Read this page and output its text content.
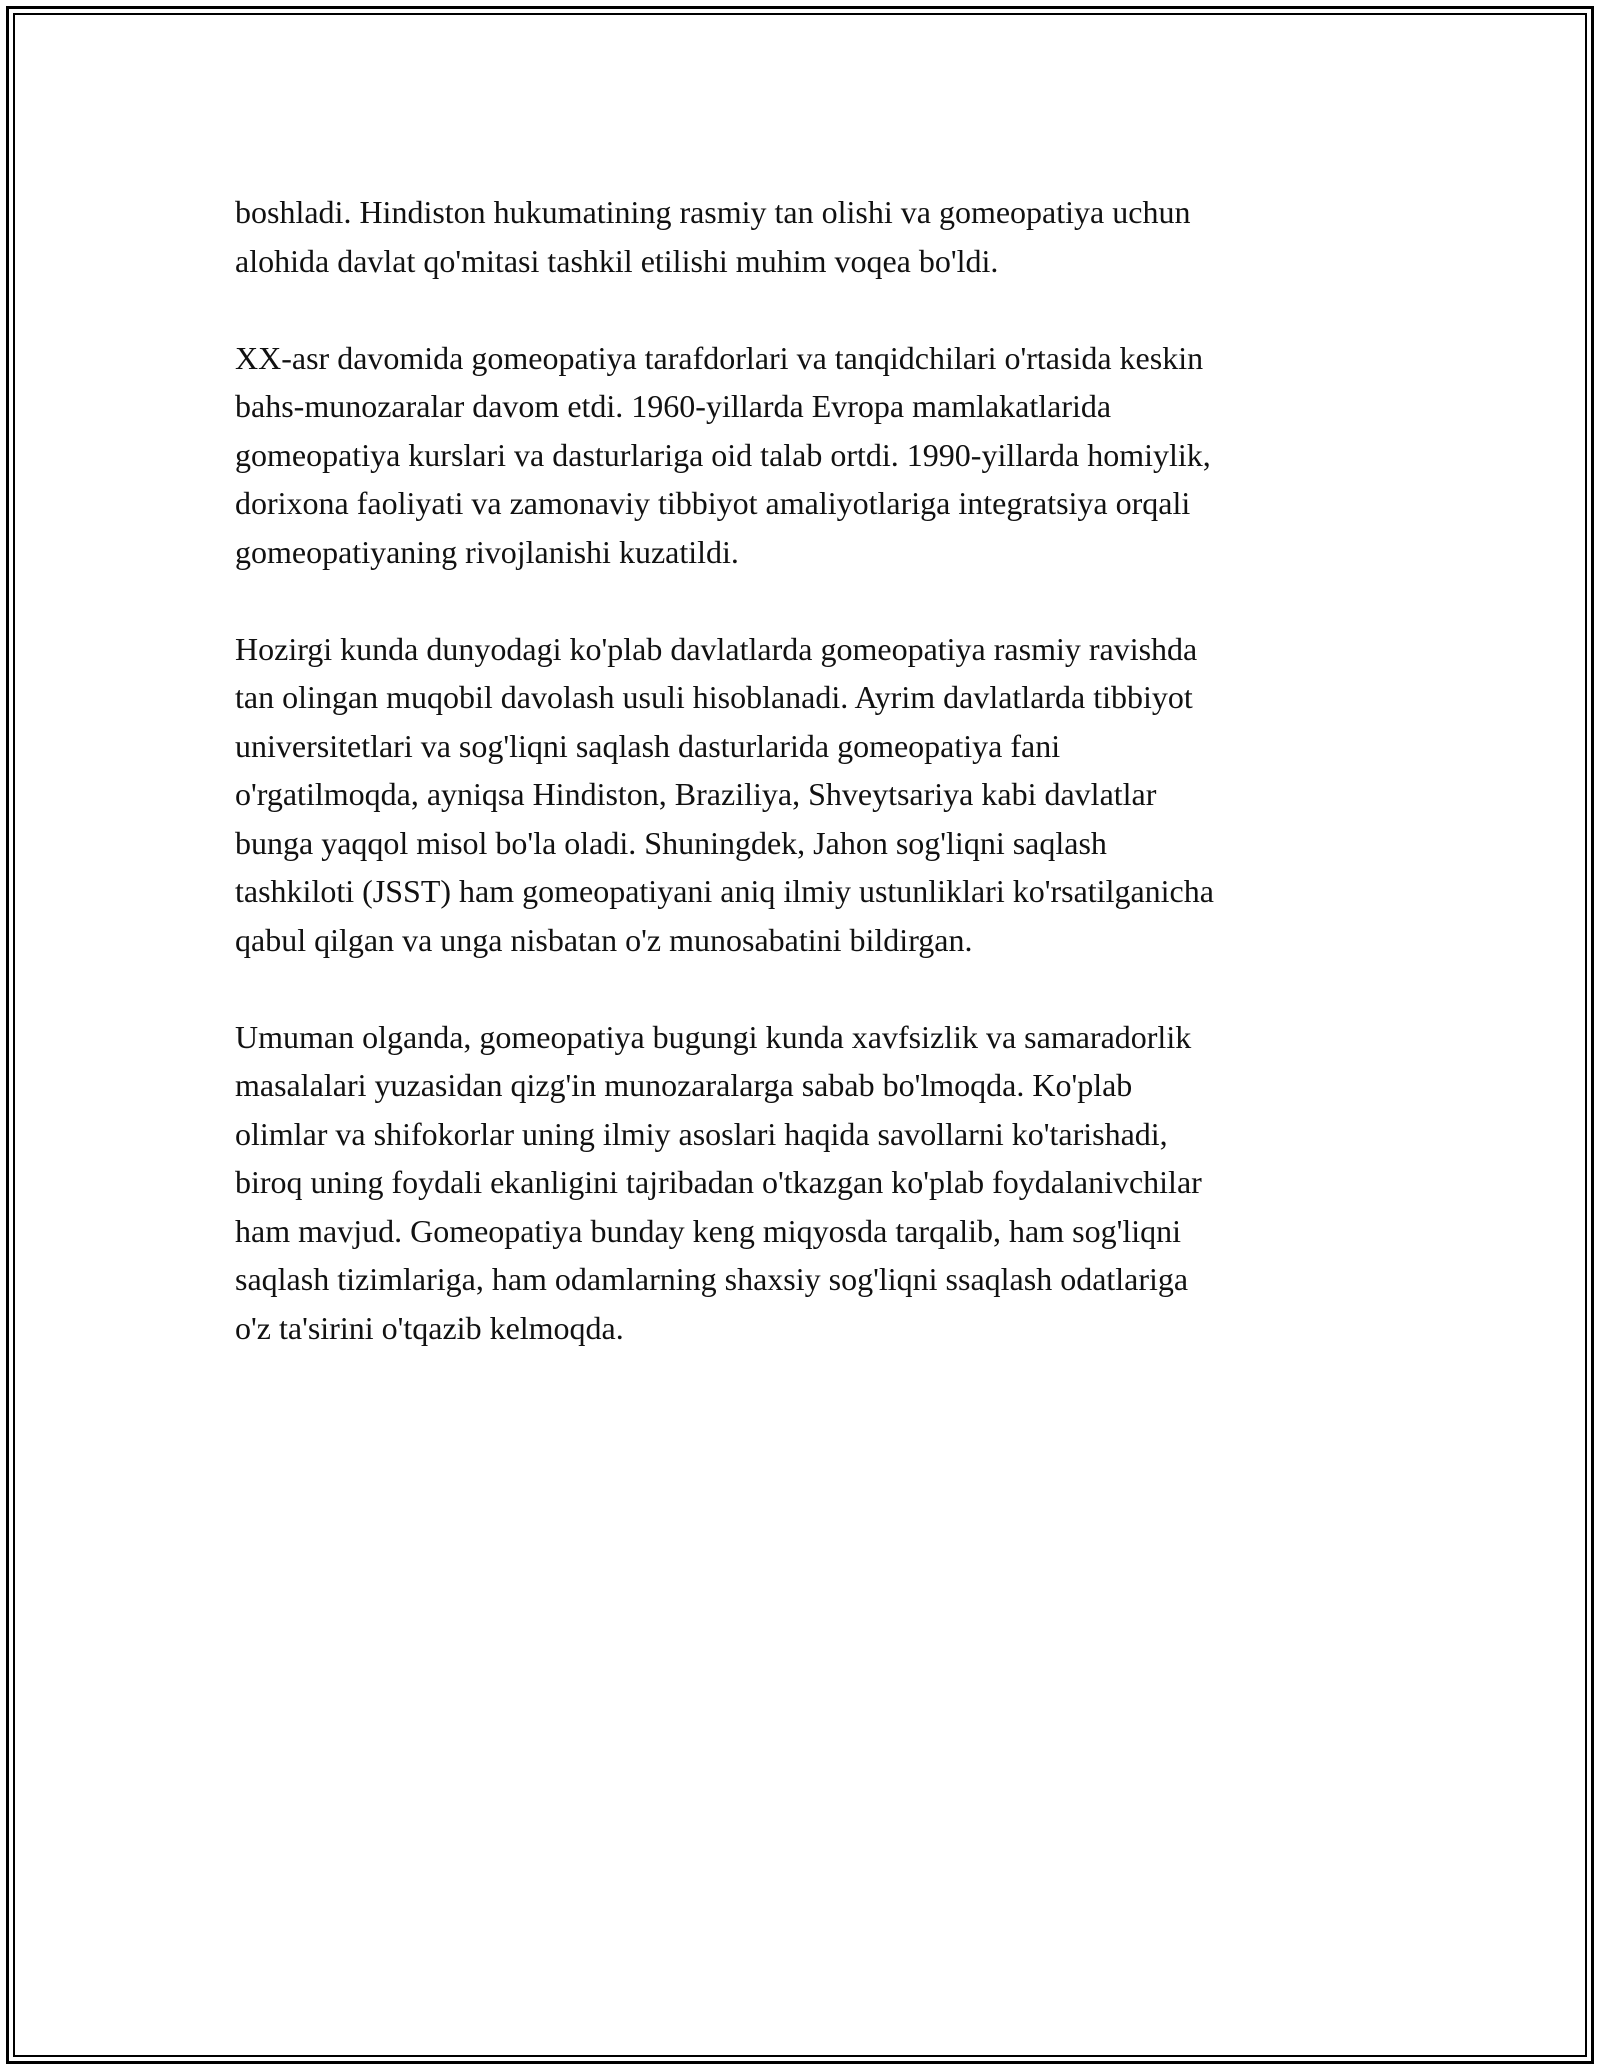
boshladi. Hindiston hukumatining rasmiy tan olishi va gomeopatiya uchun
alohida davlat qo'mitasi tashkil etilishi muhim voqea bo'ldi.

XX-asr davomida gomeopatiya tarafdorlari va tanqidchilari o'rtasida keskin
bahs-munozaralar davom etdi. 1960-yillarda Evropa mamlakatlarida
gomeopatiya kurslari va dasturlariga oid talab ortdi. 1990-yillarda homiylik,
dorixona faoliyati va zamonaviy tibbiyot amaliyotlariga integratsiya orqali
gomeopatiyaning rivojlanishi kuzatildi.

Hozirgi kunda dunyodagi ko'plab davlatlarda gomeopatiya rasmiy ravishda
tan olingan muqobil davolash usuli hisoblanadi. Ayrim davlatlarda tibbiyot
universitetlari va sog'liqni saqlash dasturlarida gomeopatiya fani
o'rgatilmoqda, ayniqsa Hindiston, Braziliya, Shveytsariya kabi davlatlar
bunga yaqqol misol bo'la oladi. Shuningdek, Jahon sog'liqni saqlash
tashkiloti (JSST) ham gomeopatiyani aniq ilmiy ustunliklari ko'rsatilganicha
qabul qilgan va unga nisbatan o'z munosabatini bildirgan.

Umuman olganda, gomeopatiya bugungi kunda xavfsizlik va samaradorlik
masalalari yuzasidan qizg'in munozaralarga sabab bo'lmoqda. Ko'plab
olimlar va shifokorlar uning ilmiy asoslari haqida savollarni ko'tarishadi,
biroq uning foydali ekanligini tajribadan o'tkazgan ko'plab foydalanivchilar
ham mavjud. Gomeopatiya bunday keng miqyosda tarqalib, ham sog'liqni
saqlash tizimlariga, ham odamlarning shaxsiy sog'liqni ssaqlash odatlariga
o'z ta'sirini o'tqazib kelmoqda.
